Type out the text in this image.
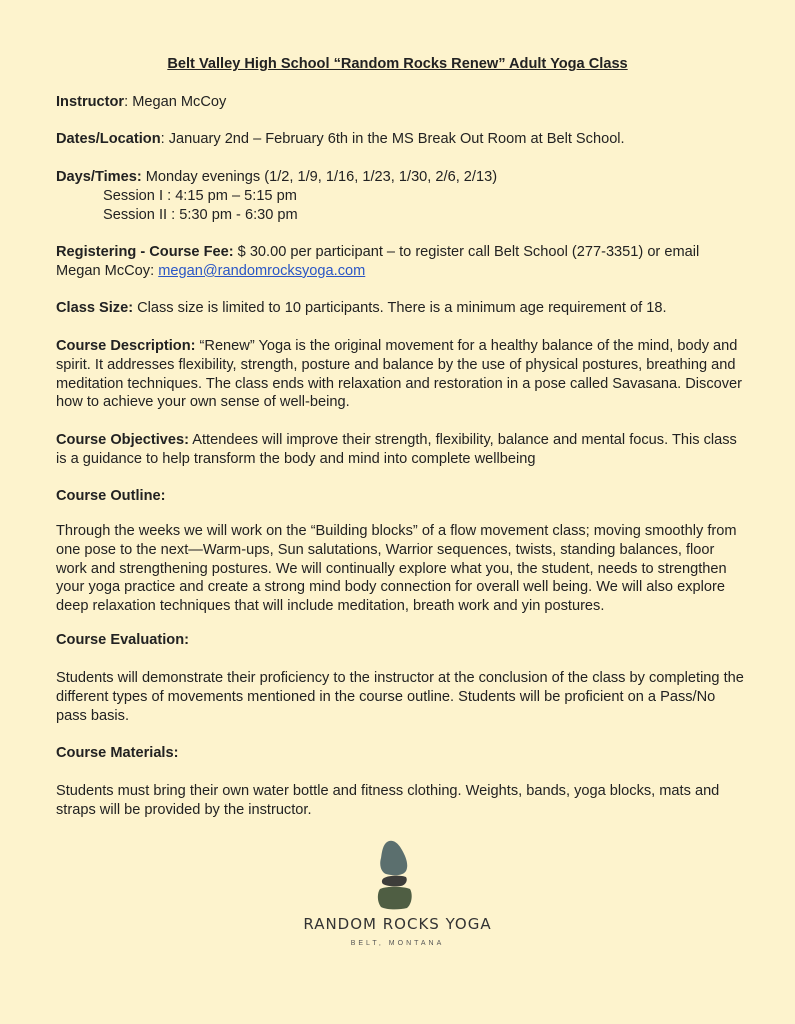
Belt Valley High School “Random Rocks Renew” Adult Yoga Class
Instructor: Megan McCoy
Dates/Location: January 2nd – February 6th in the MS Break Out Room at Belt School.
Days/Times: Monday evenings (1/2, 1/9, 1/16, 1/23, 1/30, 2/6, 2/13)
Session I : 4:15 pm – 5:15 pm
Session II : 5:30 pm - 6:30 pm
Registering - Course Fee: $ 30.00 per participant – to register call Belt School (277-3351) or email Megan McCoy: megan@randomrocksyoga.com
Class Size: Class size is limited to 10 participants. There is a minimum age requirement of 18.
Course Description: “Renew” Yoga is the original movement for a healthy balance of the mind, body and spirit. It addresses flexibility, strength, posture and balance by the use of physical postures, breathing and meditation techniques. The class ends with relaxation and restoration in a pose called Savasana. Discover how to achieve your own sense of well-being.
Course Objectives: Attendees will improve their strength, flexibility, balance and mental focus. This class is a guidance to help transform the body and mind into complete wellbeing
Course Outline:
Through the weeks we will work on the “Building blocks” of a flow movement class; moving smoothly from one pose to the next—Warm-ups, Sun salutations, Warrior sequences, twists, standing balances, floor work and strengthening postures. We will continually explore what you, the student, needs to strengthen your yoga practice and create a strong mind body connection for overall well being. We will also explore deep relaxation techniques that will include meditation, breath work and yin postures.
Course Evaluation:
Students will demonstrate their proficiency to the instructor at the conclusion of the class by completing the different types of movements mentioned in the course outline. Students will be proficient on a Pass/No pass basis.
Course Materials:
Students must bring their own water bottle and fitness clothing. Weights, bands, yoga blocks, mats and straps will be provided by the instructor.
RANDOM ROCKS YOGA
BELT, MONTANA
